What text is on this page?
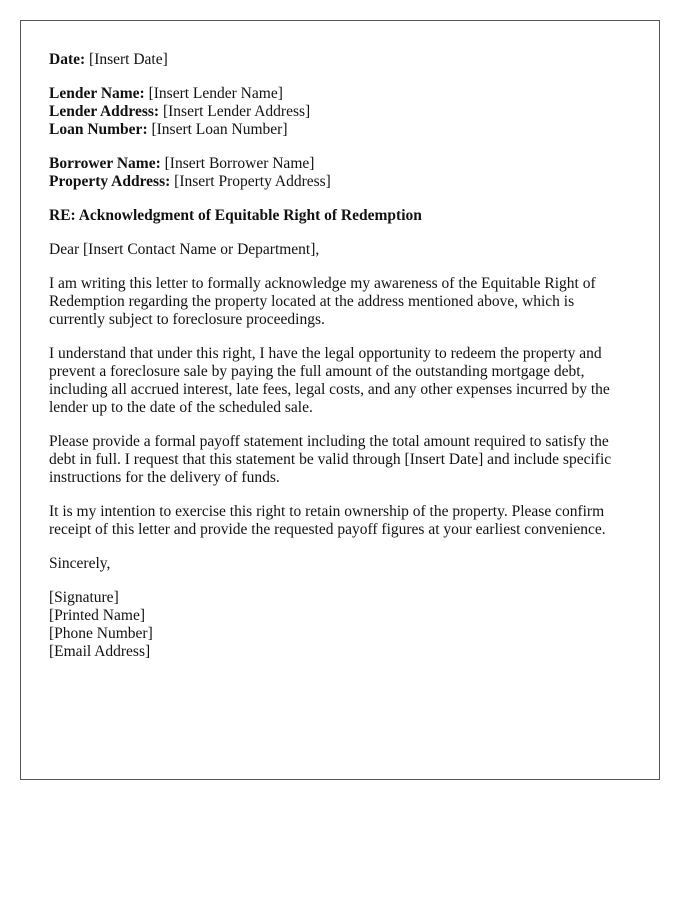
Date: [Insert Date]
Lender Name: [Insert Lender Name]
Lender Address: [Insert Lender Address]
Loan Number: [Insert Loan Number]
Borrower Name: [Insert Borrower Name]
Property Address: [Insert Property Address]
RE: Acknowledgment of Equitable Right of Redemption

Dear [Insert Contact Name or Department],

I am writing this letter to formally acknowledge my awareness of the Equitable Right of Redemption regarding the property located at the address mentioned above, which is currently subject to foreclosure proceedings.

I understand that under this right, I have the legal opportunity to redeem the property and prevent a foreclosure sale by paying the full amount of the outstanding mortgage debt, including all accrued interest, late fees, legal costs, and any other expenses incurred by the lender up to the date of the scheduled sale.

Please provide a formal payoff statement including the total amount required to satisfy the debt in full. I request that this statement be valid through [Insert Date] and include specific instructions for the delivery of funds.

It is my intention to exercise this right to retain ownership of the property. Please confirm receipt of this letter and provide the requested payoff figures at your earliest convenience.

Sincerely,

[Signature]
[Printed Name]
[Phone Number]
[Email Address]
